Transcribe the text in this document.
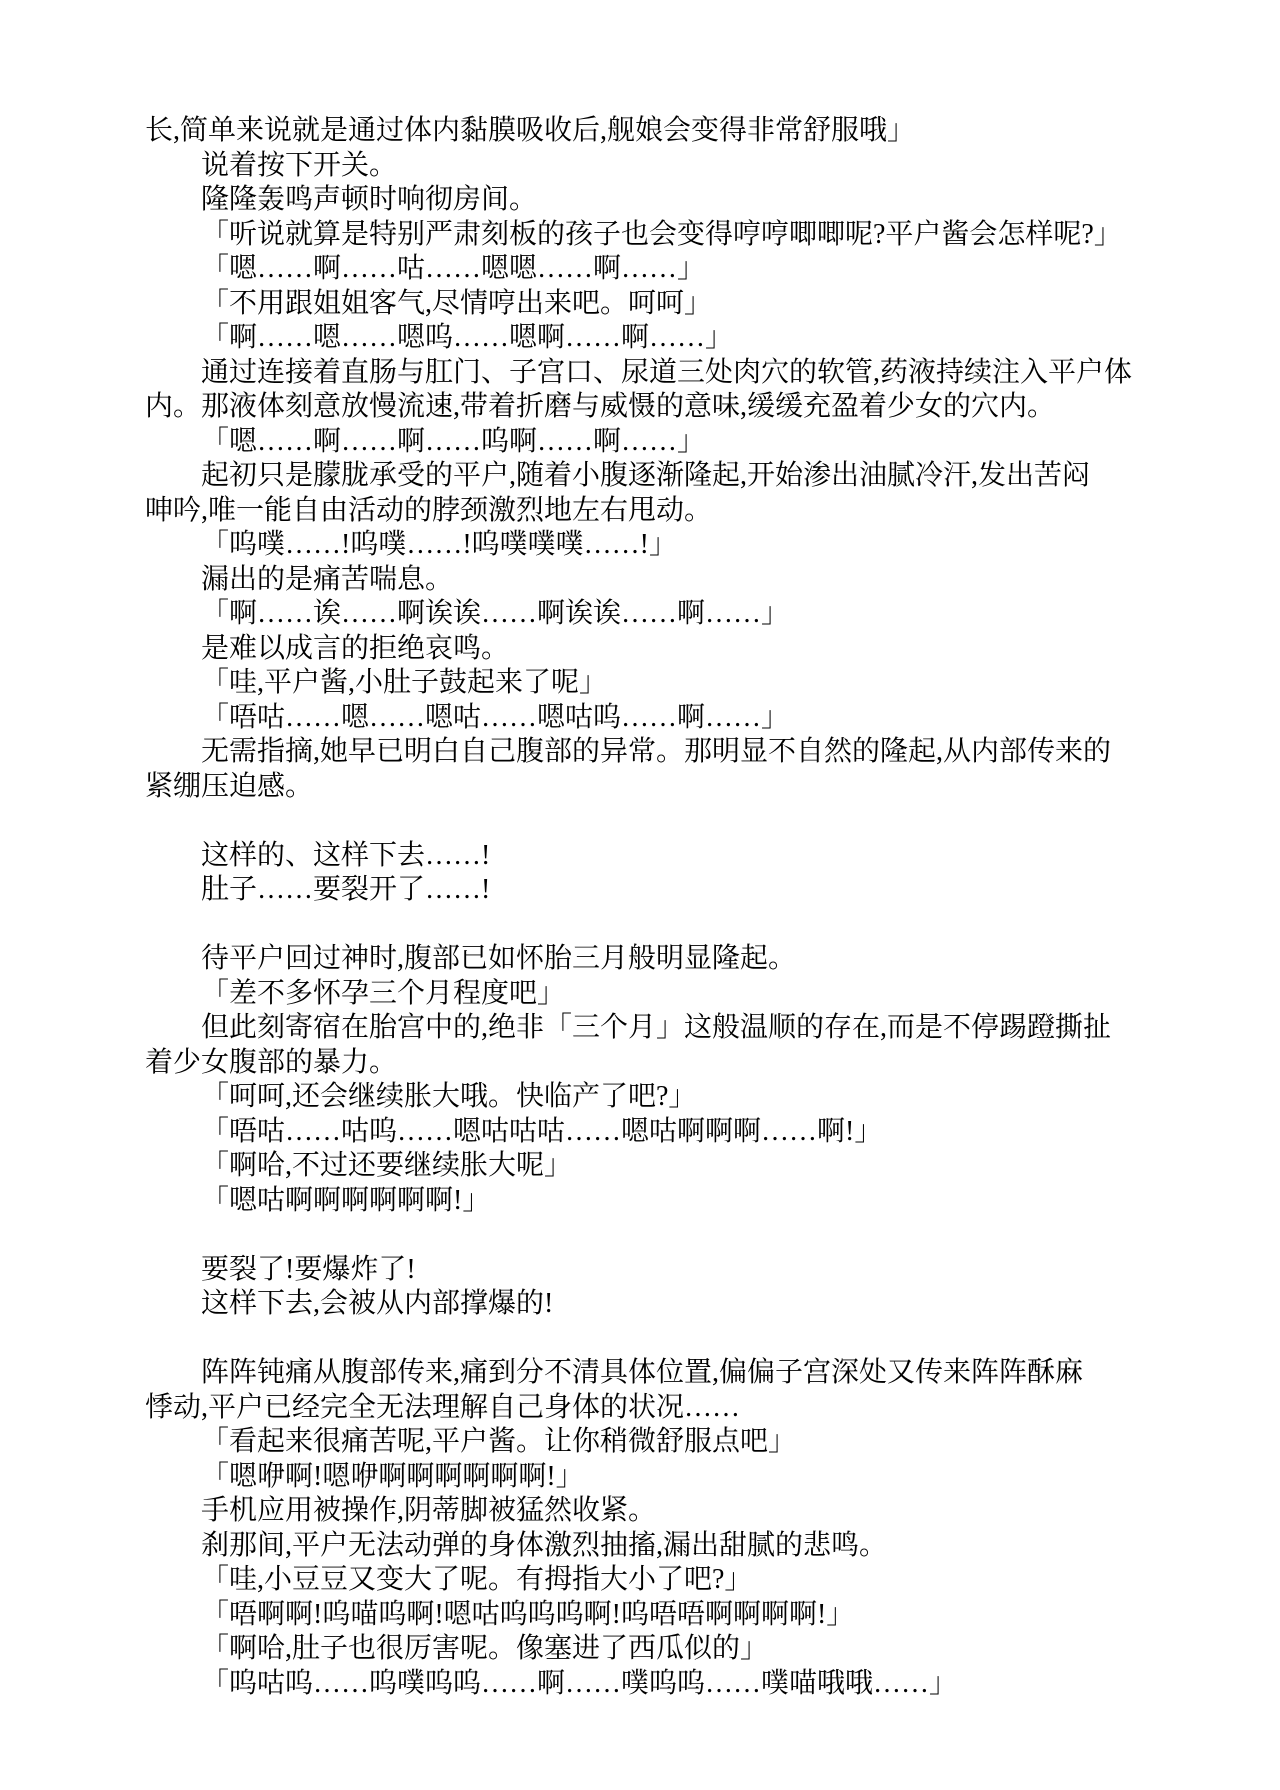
长,简单来说就是通过体内黏膜吸收后,舰娘会变得非常舒服哦」
说着按下开关。
隆隆轰鸣声顿时响彻房间。
「听说就算是特别严肃刻板的孩子也会变得哼哼唧唧呢?平户酱会怎样呢?」
「嗯……啊……咕……嗯嗯……啊……」
「不用跟姐姐客气,尽情哼出来吧。呵呵」
「啊……嗯……嗯呜……嗯啊……啊……」
通过连接着直肠与肛门、子宫口、尿道三处肉穴的软管,药液持续注入平户体
内。那液体刻意放慢流速,带着折磨与威慑的意味,缓缓充盈着少女的穴内。
「嗯……啊……啊……呜啊……啊……」
起初只是朦胧承受的平户,随着小腹逐渐隆起,开始渗出油腻冷汗,发出苦闷
呻吟,唯一能自由活动的脖颈激烈地左右甩动。
「呜噗……!呜噗……!呜噗噗噗……!」
漏出的是痛苦喘息。
「啊……诶……啊诶诶……啊诶诶……啊……」
是难以成言的拒绝哀鸣。
「哇,平户酱,小肚子鼓起来了呢」
「唔咕……嗯……嗯咕……嗯咕呜……啊……」
无需指摘,她早已明白自己腹部的异常。那明显不自然的隆起,从内部传来的
紧绷压迫感。
这样的、这样下去……!
肚子……要裂开了……!
待平户回过神时,腹部已如怀胎三月般明显隆起。
「差不多怀孕三个月程度吧」
但此刻寄宿在胎宫中的,绝非「三个月」这般温顺的存在,而是不停踢蹬撕扯
着少女腹部的暴力。
「呵呵,还会继续胀大哦。快临产了吧?」
「唔咕……咕呜……嗯咕咕咕……嗯咕啊啊啊……啊!」
「啊哈,不过还要继续胀大呢」
「嗯咕啊啊啊啊啊啊!」
要裂了!要爆炸了!
这样下去,会被从内部撑爆的!
阵阵钝痛从腹部传来,痛到分不清具体位置,偏偏子宫深处又传来阵阵酥麻
悸动,平户已经完全无法理解自己身体的状况……
「看起来很痛苦呢,平户酱。让你稍微舒服点吧」
「嗯咿啊!嗯咿啊啊啊啊啊啊!」
手机应用被操作,阴蒂脚被猛然收紧。
刹那间,平户无法动弹的身体激烈抽搐,漏出甜腻的悲鸣。
「哇,小豆豆又变大了呢。有拇指大小了吧?」
「唔啊啊!呜喵呜啊!嗯咕呜呜呜啊!呜唔唔啊啊啊啊!」
「啊哈,肚子也很厉害呢。像塞进了西瓜似的」
「呜咕呜……呜噗呜呜……啊……噗呜呜……噗喵哦哦……」
